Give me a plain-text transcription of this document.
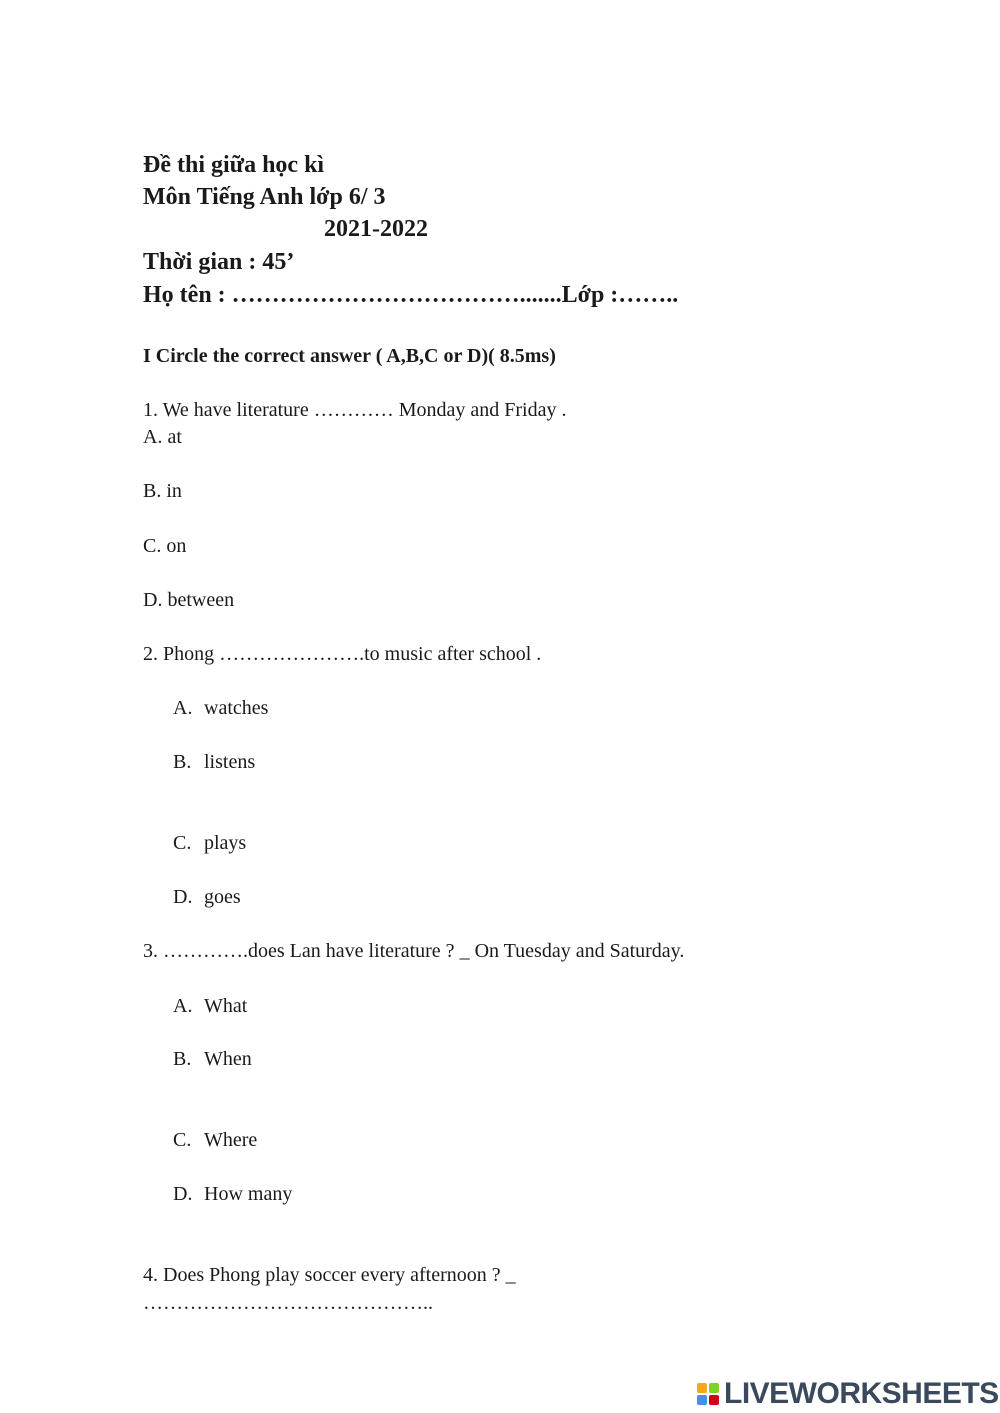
Đề thi giữa học kì
Môn Tiếng Anh lớp 6/ 3
2021-2022
Thời gian : 45’
Họ tên : ……………………………….......Lớp :……..
I Circle the correct answer ( A,B,C or D)( 8.5ms)
1. We have literature ………… Monday and Friday .
A. at
B. in
C. on
D. between
2. Phong ………………….to music after school .
A. watches
B. listens
C. plays
D. goes
3. ………….does Lan have literature ? _ On Tuesday and Saturday.
A. What
B. When
C. Where
D. How many
4. Does Phong play soccer every afternoon ? _
……………………………………..
LIVEWORKSHEETS
